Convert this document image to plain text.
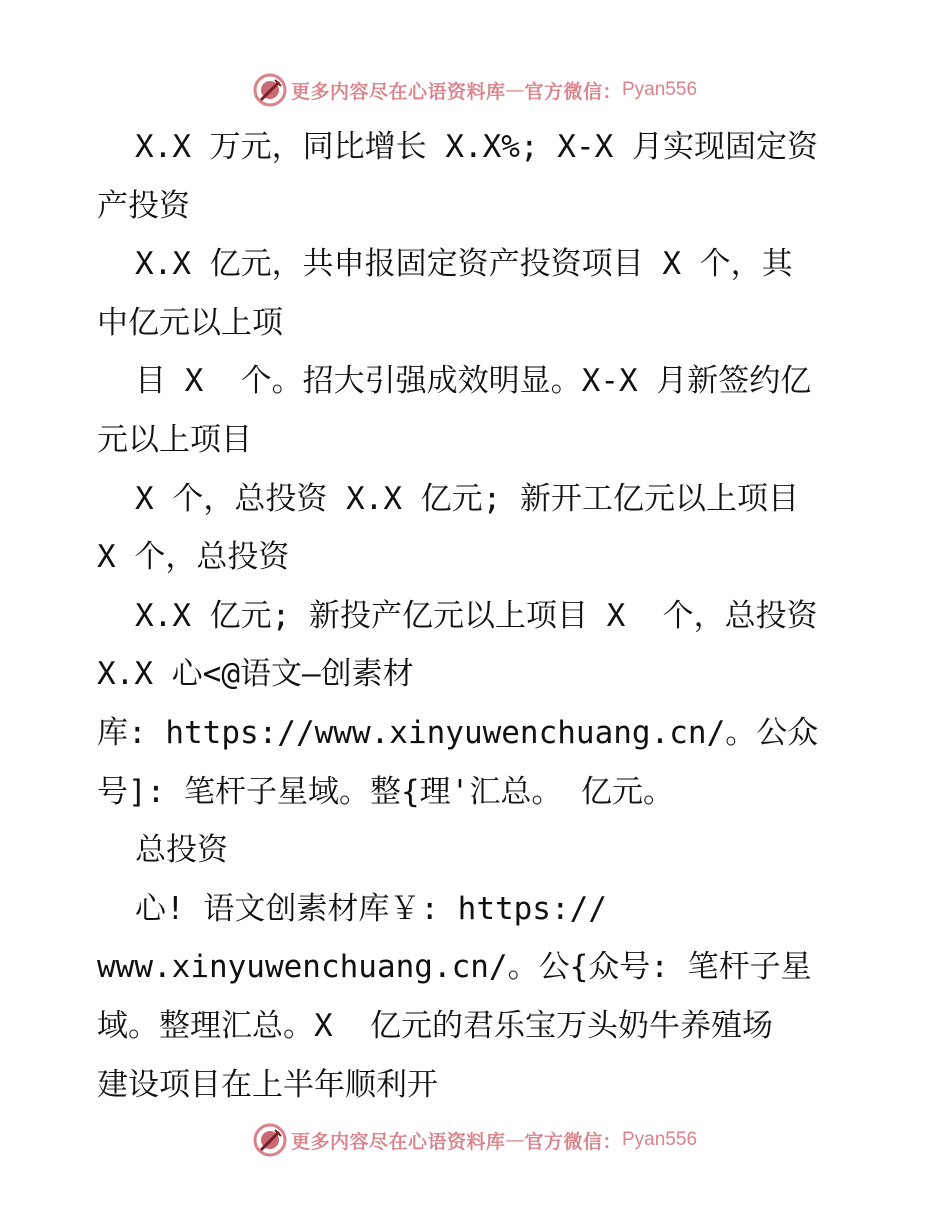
更多内容尽在心语资料库 — 官方微信： Pyan556
X.X 万元，同比增长 X.X%; X-X 月实现固定资
产投资
X.X 亿元，共申报固定资产投资项目 X 个，其
中亿元以上项
目 X  个。招大引强成效明显。X-X 月新签约亿
元以上项目
X 个，总投资 X.X 亿元; 新开工亿元以上项目
X 个，总投资
X.X 亿元; 新投产亿元以上项目 X  个，总投资
X.X 心<@语文—创素材
库: https://www.xinyuwenchuang.cn/。公众
号]: 笔杆子星域。整{理'汇总。 亿元。
总投资
心! 语文创素材库￥: https://
www.xinyuwenchuang.cn/。公{众号: 笔杆子星
域。整理汇总。X  亿元的君乐宝万头奶牛养殖场
建设项目在上半年顺利开
更多内容尽在心语资料库 — 官方微信： Pyan556
